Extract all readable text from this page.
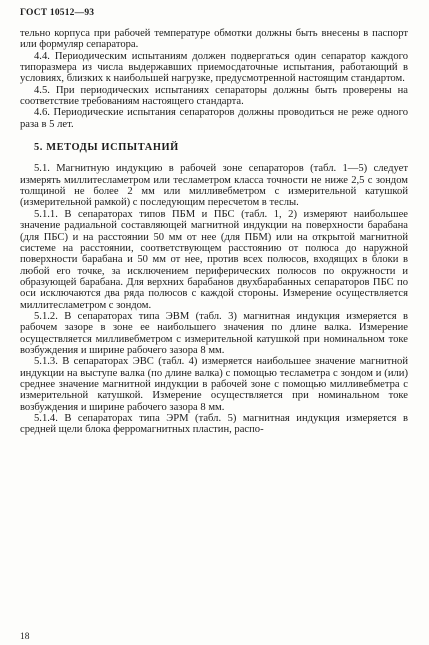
ГОСТ 10512—93

тельно корпуса при рабочей температуре обмотки должны быть внесены в паспорт или формуляр сепаратора.

4.4. Периодическим испытаниям должен подвергаться один сепаратор каждого типоразмера из числа выдержавших приемосдаточные испытания, работающий в условиях, близких к наибольшей нагрузке, предусмотренной настоящим стандартом.

4.5. При периодических испытаниях сепараторы должны быть проверены на соответствие требованиям настоящего стандарта.

4.6. Периодические испытания сепараторов должны проводиться не реже одного раза в 5 лет.

5. МЕТОДЫ ИСПЫТАНИЙ

5.1. Магнитную индукцию в рабочей зоне сепараторов (табл. 1—5) следует измерять миллитесламетром или тесламетром класса точности не ниже 2,5 с зондом толщиной не более 2 мм или милливебметром с измерительной катушкой (измерительной рамкой) с последующим пересчетом в теслы.

5.1.1. В сепараторах типов ПБМ и ПБС (табл. 1, 2) измеряют наибольшее значение радиальной составляющей магнитной индукции на поверхности барабана (для ПБС) и на расстоянии 50 мм от нее (для ПБМ) или на открытой магнитной системе на расстоянии, соответствующем расстоянию от полюса до наружной поверхности барабана и 50 мм от нее, против всех полюсов, входящих в блоки в любой его точке, за исключением периферических полюсов по окружности и образующей барабана. Для верхних барабанов двухбарабанных сепараторов ПБС по оси исключаются два ряда полюсов с каждой стороны. Измерение осуществляется миллитесламетром с зондом.

5.1.2. В сепараторах типа ЭВМ (табл. 3) магнитная индукция измеряется в рабочем зазоре в зоне ее наибольшего значения по длине валка. Измерение осуществляется милливебметром с измерительной катушкой при номинальном токе возбуждения и ширине рабочего зазора 8 мм.

5.1.3. В сепараторах ЭВС (табл. 4) измеряется наибольшее значение магнитной индукции на выступе валка (по длине валка) с помощью тесламетра с зондом и (или) среднее значение магнитной индукции в рабочей зоне с помощью милливебметра с измерительной катушкой. Измерение осуществляется при номинальном токе возбуждения и ширине рабочего зазора 8 мм.

5.1.4. В сепараторах типа ЭРМ (табл. 5) магнитная индукция измеряется в средней щели блока ферромагнитных пластин, распо-

18
